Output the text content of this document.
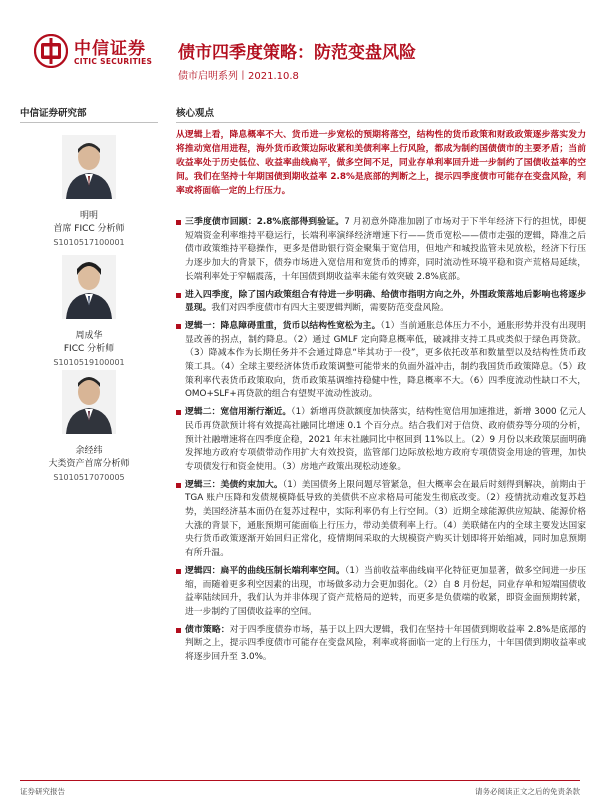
中信证券
CITIC SECURITIES 债市四季度策略：防范变盘风险
债市启明系列丨2021.10.8
中信证券研究部	核心观点
明明
首席 FICC 分析师
S1010517100001
周成华
FICC 分析师
S1010519100001
余经纬
大类资产首席分析师
S1010517070005
从逻辑上看，降息概率不大、货币进一步宽松的预期将落空，结构性的货币政策和财政政策逐步落实发力将推动宽信用进程，海外货币政策边际收紧和美债利率上行风险，都成为制约国债债市的主要矛盾；当前收益率处于历史低位、收益率曲线扁平，做多空间不足，同业存单利率回升进一步制约了国债收益率的空间。我们在坚持十年期国债到期收益率 2.8%是底部的判断之上，提示四季度债市可能存在变盘风险，利率或将面临一定的上行压力。
三季度债市回顾：2.8%底部得到验证。7 月初意外降准加剧了市场对于下半年经济下行的担忧，即便短端资金利率维持平稳运行，长端利率演绎经济增速下行——货币宽松——债市走强的逻辑，降准之后债市政策维持平稳操作，更多是借助银行资金聚集于宽信用，但地产和城投监管未见放松，经济下行压力逐步加大的背景下，债券市场进入宽信用和宽货币的博弈，同时流动性环境平稳和资产荒格局延续，长端利率处于窄幅震荡，十年国债到期收益率未能有效突破 2.8%底部。
进入四季度，除了国内政策组合有待进一步明确、给债市指明方向之外，外围政策落地后影响也将逐步显现。我们对四季度债市有四大主要逻辑判断，需要防范变盘风险。
逻辑一：降息障碍重重，货币以结构性宽松为主。（1）当前通胀总体压力不小，通胀形势并没有出现明显改善的拐点，制约降息。（2）通过 GMLF 定向降息概率低，破减排支持工具或类似于绿色再贷款。（3）降减本作为长期任务并不会通过降息“毕其功于一役”，更多依托改革和数量型以及结构性货币政策工具。（4）全球主要经济体货币政策调整可能带来的负面外溢冲击，制约我国货币政策降息。（5）政策利率代表货币政策取向，货币政策基调维持稳健中性，降息概率不大。（6）四季度流动性缺口不大，OMO+SLF+再贷款的组合有望熨平流动性波动。
逻辑二：宽信用渐行渐近。（1）新增再贷款额度加快落实，结构性宽信用加速推进，新增 3000 亿元人民币再贷款预计将有效提高社融同比增速 0.1 个百分点。结合我们对于信贷、政府债券等分项的分析，预计社融增速将在四季度企稳，2021 年末社融同比中枢回到 11%以上。（2）9 月份以来政策层面明确发挥地方政府专项债带动作用扩大有效投资，监管部门边际放松地方政府专项债资金用途的管理，加快专项债发行和资金使用。（3）房地产政策出现松动迹象。
逻辑三：美债约束加大。（1）美国债务上限问题尽管紧急，但大概率会在最后时刻得到解决，前期由于 TGA 账户压降和发债规模降低导致的美债供不应求格局可能发生彻底改变。（2）疫情扰动难改复苏趋势，美国经济基本面仍在复苏过程中，实际利率仍有上行空间。（3）近期全球能源供应短缺、能源价格大涨的背景下，通胀预期可能面临上行压力，带动美债利率上行。（4）美联储在内的全球主要发达国家央行货币政策逐渐开始回归正常化，疫情期间采取的大规模资产购买计划即将开始缩减，同时加息预期有所升温。
逻辑四：扁平的曲线压制长端利率空间。（1）当前收益率曲线扁平化特征更加显著，做多空间进一步压缩，而随着更多利空因素的出现，市场做多动力会更加弱化。（2）自 8 月份起，同业存单和短端国债收益率陆续回升，我们认为并非体现了资产荒格局的逆转，而更多是负债端的收紧，即资金面预期转紧，进一步制约了国债收益率的空间。
债市策略：对于四季度债券市场，基于以上四大逻辑，我们在坚持十年国债到期收益率 2.8%是底部的判断之上，提示四季度债市可能存在变盘风险，利率或将面临一定的上行压力，十年国债到期收益率或将逐步回升至 3.0%。
证券研究报告	请务必阅读正文之后的免责条款
